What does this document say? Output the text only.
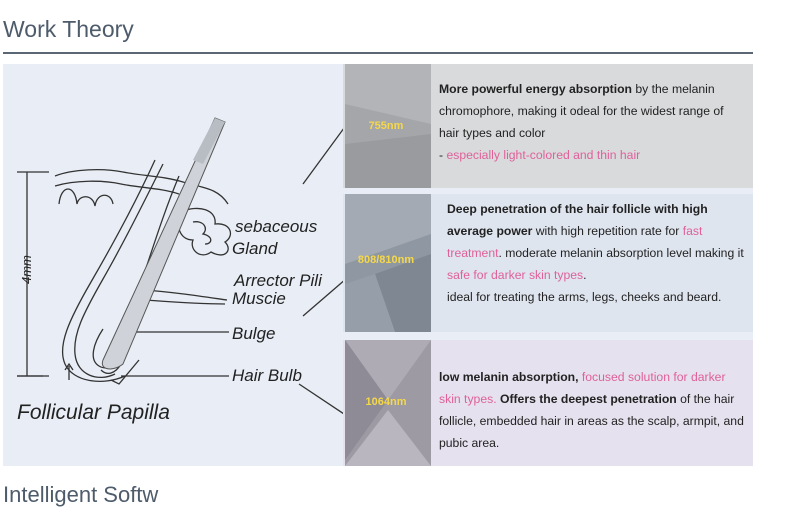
Work Theory
4mm
sebaceous
Gland
Arrector Pili
Muscie
Bulge
Hair Bulb
Follicular Papilla
755nm
More powerful energy absorption by the melanin chromophore, making it odeal for the widest range of hair types and color
- especially light-colored and thin hair
808/810nm
Deep penetration of the hair follicle with high average power with high repetition rate for fast treatment. moderate melanin absorption level making it safe for darker skin types.
ideal for treating the arms, legs, cheeks and beard.
1064nm
low melanin absorption, focused solution for darker skin types. Offers the deepest penetration of the hair follicle, embedded hair in areas as the scalp, armpit, and pubic area.
Intelligent Softw
